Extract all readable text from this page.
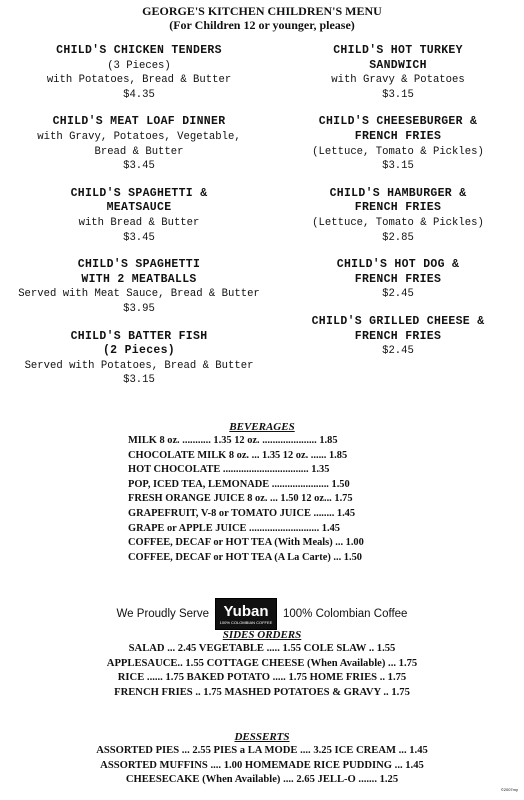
GEORGE'S KITCHEN CHILDREN'S MENU
(For Children 12 or younger, please)
CHILD'S CHICKEN TENDERS
(3 Pieces)
with Potatoes, Bread & Butter
$4.35
CHILD'S MEAT LOAF DINNER
with Gravy, Potatoes, Vegetable,
Bread & Butter
$3.45
CHILD'S SPAGHETTI &
MEATSAUCE
with Bread & Butter
$3.45
CHILD'S SPAGHETTI
WITH 2 MEATBALLS
Served with Meat Sauce, Bread & Butter
$3.95
CHILD'S BATTER FISH
(2 Pieces)
Served with Potatoes, Bread & Butter
$3.15
CHILD'S HOT TURKEY
SANDWICH
with Gravy & Potatoes
$3.15
CHILD'S CHEESEBURGER &
FRENCH FRIES
(Lettuce, Tomato & Pickles)
$3.15
CHILD'S HAMBURGER &
FRENCH FRIES
(Lettuce, Tomato & Pickles)
$2.85
CHILD'S HOT DOG &
FRENCH FRIES
$2.45
CHILD'S GRILLED CHEESE &
FRENCH FRIES
$2.45
BEVERAGES
MILK 8 oz. ........... 1.35 12 oz. ..................... 1.85
CHOCOLATE MILK 8 oz. ... 1.35 12 oz. ...... 1.85
HOT CHOCOLATE ................................. 1.35
POP, ICED TEA, LEMONADE ...................... 1.50
FRESH ORANGE JUICE 8 oz. ... 1.50 12 oz... 1.75
GRAPEFRUIT, V-8 or TOMATO JUICE ........ 1.45
GRAPE or APPLE JUICE ........................... 1.45
COFFEE, DECAF or HOT TEA (With Meals) ... 1.00
COFFEE, DECAF or HOT TEA (A La Carte) ... 1.50
We Proudly Serve Yuban
100% COLOMBIAN COFFEE
100% Colombian Coffee
SIDES ORDERS
SALAD ... 2.45 VEGETABLE ..... 1.55 COLE SLAW .. 1.55
APPLESAUCE.. 1.55 COTTAGE CHEESE (When Available) ... 1.75
RICE ...... 1.75 BAKED POTATO ..... 1.75 HOME FRIES .. 1.75
FRENCH FRIES .. 1.75 MASHED POTATOES & GRAVY .. 1.75
DESSERTS
ASSORTED PIES ... 2.55 PIES a LA MODE .... 3.25 ICE CREAM ... 1.45
ASSORTED MUFFINS .... 1.00 HOMEMADE RICE PUDDING ... 1.45
CHEESECAKE (When Available) .... 2.65 JELL-O ....... 1.25
©2007my
